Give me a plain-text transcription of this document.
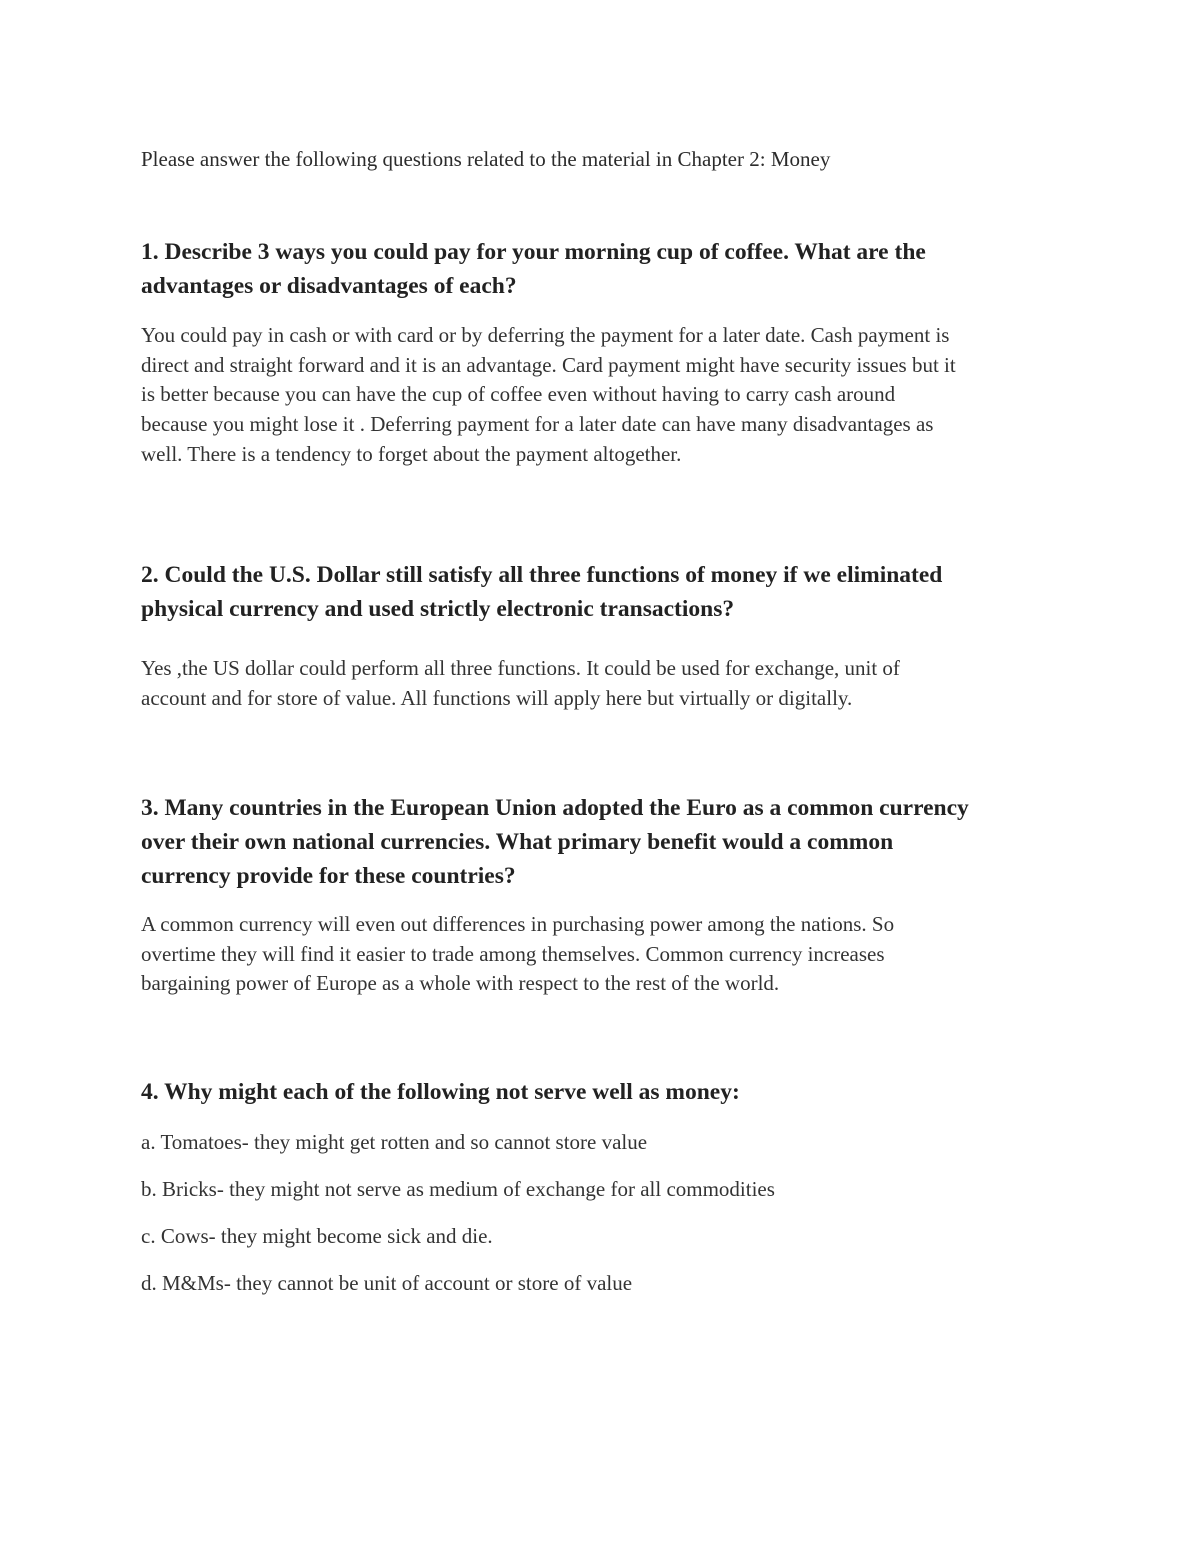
Please answer the following questions related to the material in Chapter 2: Money
1. Describe 3 ways you could pay for your morning cup of coffee. What are the
advantages or disadvantages of each?
You could pay in cash or with card or by deferring the payment for a later date. Cash payment is
direct and straight forward and it is an advantage. Card payment might have security issues but it
is better because you can have the cup of coffee even without having to carry cash around
because you might lose it . Deferring payment for a later date can have many disadvantages as
well. There is a tendency to forget about the payment altogether.
2. Could the U.S. Dollar still satisfy all three functions of money if we eliminated
physical currency and used strictly electronic transactions?
Yes ,the US dollar could perform all three functions. It could be used for exchange, unit of
account and for store of value. All functions will apply here but virtually or digitally.
3. Many countries in the European Union adopted the Euro as a common currency
over their own national currencies. What primary benefit would a common
currency provide for these countries?
A common currency will even out differences in purchasing power among the nations. So
overtime they will find it easier to trade among themselves. Common currency increases
bargaining power of Europe as a whole with respect to the rest of the world.
4. Why might each of the following not serve well as money:
a. Tomatoes- they might get rotten and so cannot store value
b. Bricks- they might not serve as medium of exchange for all commodities
c. Cows- they might become sick and die.
d. M&Ms- they cannot be unit of account or store of value
